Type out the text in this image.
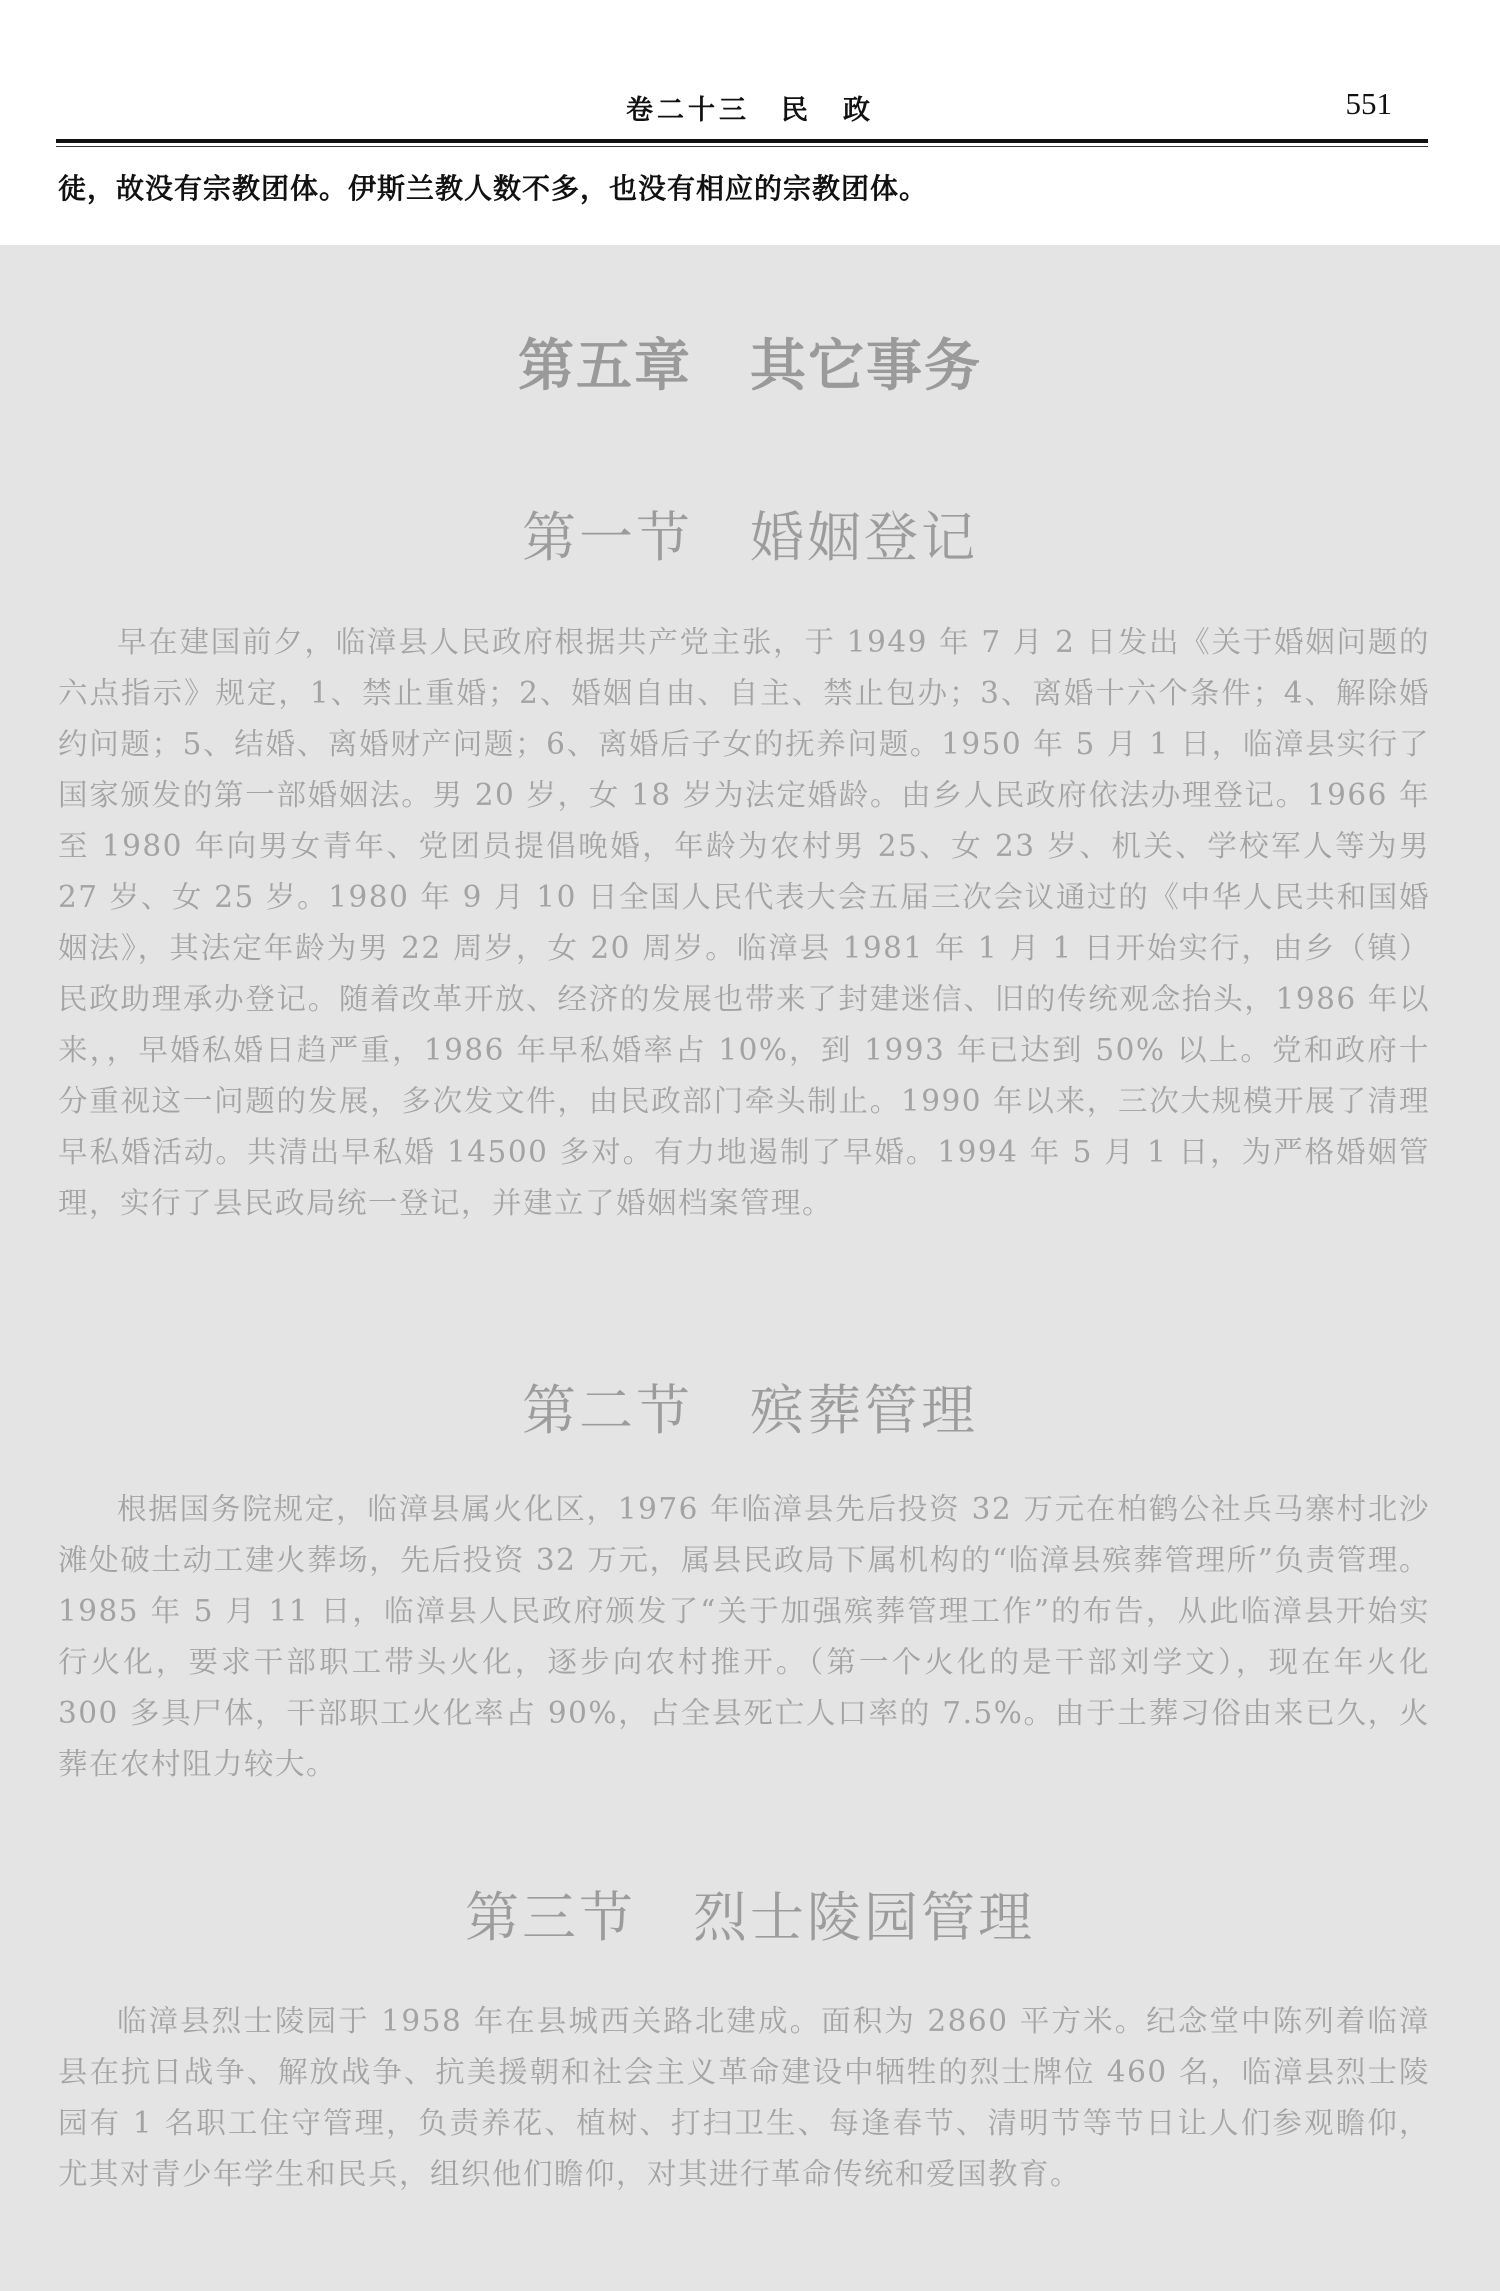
卷二十三　民　政	551
徒，故没有宗教团体。伊斯兰教人数不多，也没有相应的宗教团体。
第五章　其它事务
第一节　婚姻登记

早在建国前夕，临漳县人民政府根据共产党主张，于 1949 年 7 月 2 日发出《关于婚姻问题的六点指示》规定，1、禁止重婚；2、婚姻自由、自主、禁止包办；3、离婚十六个条件；4、解除婚约问题；5、结婚、离婚财产问题；6、离婚后子女的抚养问题。1950 年 5 月 1 日，临漳县实行了国家颁发的第一部婚姻法。男 20 岁，女 18 岁为法定婚龄。由乡人民政府依法办理登记。1966 年至 1980 年向男女青年、党团员提倡晚婚，年龄为农村男 25、女 23 岁、机关、学校军人等为男 27 岁、女 25 岁。1980 年 9 月 10 日全国人民代表大会五届三次会议通过的《中华人民共和国婚姻法》，其法定年龄为男 22 周岁，女 20 周岁。临漳县 1981 年 1 月 1 日开始实行，由乡（镇）民政助理承办登记。随着改革开放、经济的发展也带来了封建迷信、旧的传统观念抬头，1986 年以来，，早婚私婚日趋严重，1986 年早私婚率占 10%，到 1993 年已达到 50% 以上。党和政府十分重视这一问题的发展，多次发文件，由民政部门牵头制止。1990 年以来，三次大规模开展了清理早私婚活动。共清出早私婚 14500 多对。有力地遏制了早婚。1994 年 5 月 1 日，为严格婚姻管理，实行了县民政局统一登记，并建立了婚姻档案管理。

第二节　殡葬管理

根据国务院规定，临漳县属火化区，1976 年临漳县先后投资 32 万元在柏鹤公社兵马寨村北沙滩处破土动工建火葬场，先后投资 32 万元，属县民政局下属机构的“临漳县殡葬管理所”负责管理。1985 年 5 月 11 日，临漳县人民政府颁发了“关于加强殡葬管理工作”的布告，从此临漳县开始实行火化，要求干部职工带头火化，逐步向农村推开。（第一个火化的是干部刘学文），现在年火化 300 多具尸体，干部职工火化率占 90%，占全县死亡人口率的 7.5%。由于土葬习俗由来已久，火葬在农村阻力较大。

第三节　烈士陵园管理

临漳县烈士陵园于 1958 年在县城西关路北建成。面积为 2860 平方米。纪念堂中陈列着临漳县在抗日战争、解放战争、抗美援朝和社会主义革命建设中牺牲的烈士牌位 460 名，临漳县烈士陵园有 1 名职工住守管理，负责养花、植树、打扫卫生、每逢春节、清明节等节日让人们参观瞻仰，尤其对青少年学生和民兵，组织他们瞻仰，对其进行革命传统和爱国教育。
